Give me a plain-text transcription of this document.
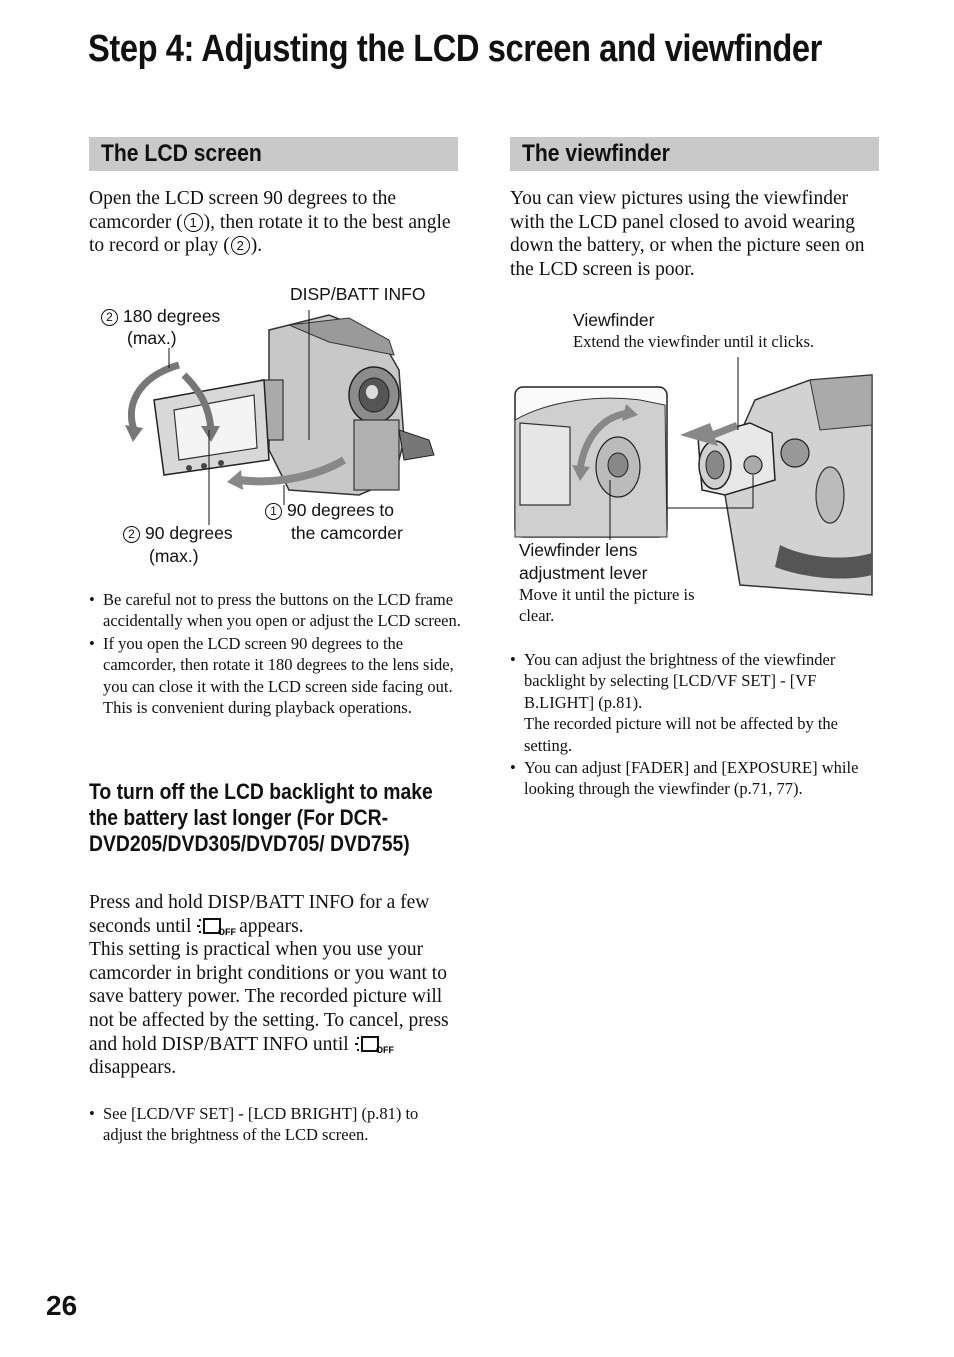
Step 4: Adjusting the LCD screen and viewfinder
The LCD screen
Open the LCD screen 90 degrees to the camcorder ( 1 ), then rotate it to the best angle to record or play ( 2 ).
DISP/BATT INFO
2 180 degrees
(max.)
1 90 degrees to
the camcorder
2 90 degrees
(max.)
• Be careful not to press the buttons on the LCD frame accidentally when you open or adjust the LCD screen.
• If you open the LCD screen 90 degrees to the camcorder, then rotate it 180 degrees to the lens side, you can close it with the LCD screen side facing out. This is convenient during playback operations.
To turn off the LCD backlight to make the battery last longer (For DCR-DVD205/DVD305/DVD705/ DVD755)
Press and hold DISP/BATT INFO for a few seconds until	OFF appears.
This setting is practical when you use your camcorder in bright conditions or you want to save battery power. The recorded picture will not be affected by the setting. To cancel, press and hold DISP/BATT INFO until	OFF
disappears.
• See [LCD/VF SET] - [LCD BRIGHT] (p.81) to adjust the brightness of the LCD screen.
The viewfinder
You can view pictures using the viewfinder with the LCD panel closed to avoid wearing down the battery, or when the picture seen on the LCD screen is poor.
Viewfinder
Extend the viewfinder until it clicks.
Viewfinder lens
adjustment lever
Move it until the picture is clear.
• You can adjust the brightness of the viewfinder backlight by selecting [LCD/VF SET] - [VF B.LIGHT] (p.81).
The recorded picture will not be affected by the setting.
• You can adjust [FADER] and [EXPOSURE] while looking through the viewfinder (p.71, 77).
26
